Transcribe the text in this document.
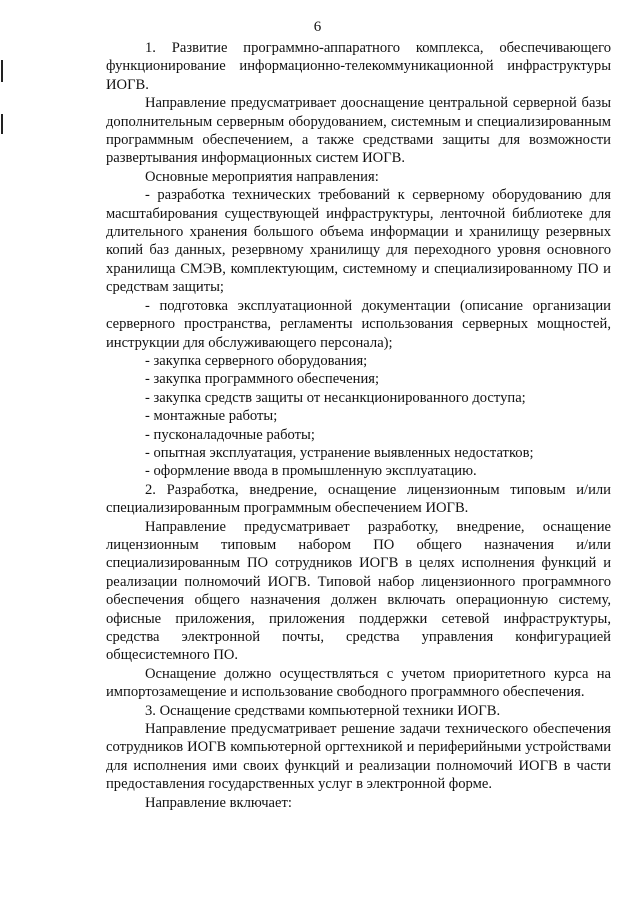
6

1. Развитие программно-аппаратного комплекса, обеспечивающего функционирование информационно-телекоммуникационной инфраструктуры ИОГВ.

Направление предусматривает дооснащение центральной серверной базы дополнительным серверным оборудованием, системным и специализированным программным обеспечением, а также средствами защиты для возможности развертывания информационных систем ИОГВ.

Основные мероприятия направления:

- разработка технических требований к серверному оборудованию для масштабирования существующей инфраструктуры, ленточной библиотеке для длительного хранения большого объема информации и хранилищу резервных копий баз данных, резервному хранилищу для переходного уровня основного хранилища СМЭВ, комплектующим, системному и специализированному ПО и средствам защиты;

- подготовка эксплуатационной документации (описание организации серверного пространства, регламенты использования серверных мощностей, инструкции для обслуживающего персонала);

- закупка серверного оборудования;

- закупка программного обеспечения;

- закупка средств защиты от несанкционированного доступа;

- монтажные работы;

- пусконаладочные работы;

- опытная эксплуатация, устранение выявленных недостатков;

- оформление ввода в промышленную эксплуатацию.

2. Разработка, внедрение, оснащение лицензионным типовым и/или специализированным программным обеспечением ИОГВ.

Направление предусматривает разработку, внедрение, оснащение лицензионным типовым набором ПО общего назначения и/или специализированным ПО сотрудников ИОГВ в целях исполнения функций и реализации полномочий ИОГВ. Типовой набор лицензионного программного обеспечения общего назначения должен включать операционную систему, офисные приложения, приложения поддержки сетевой инфраструктуры, средства электронной почты, средства управления конфигурацией общесистемного ПО.

Оснащение должно осуществляться с учетом приоритетного курса на импортозамещение и использование свободного программного обеспечения.

3. Оснащение средствами компьютерной техники ИОГВ.

Направление предусматривает решение задачи технического обеспечения сотрудников ИОГВ компьютерной оргтехникой и периферийными устройствами для исполнения ими своих функций и реализации полномочий ИОГВ в части предоставления государственных услуг в электронной форме.

Направление включает:
